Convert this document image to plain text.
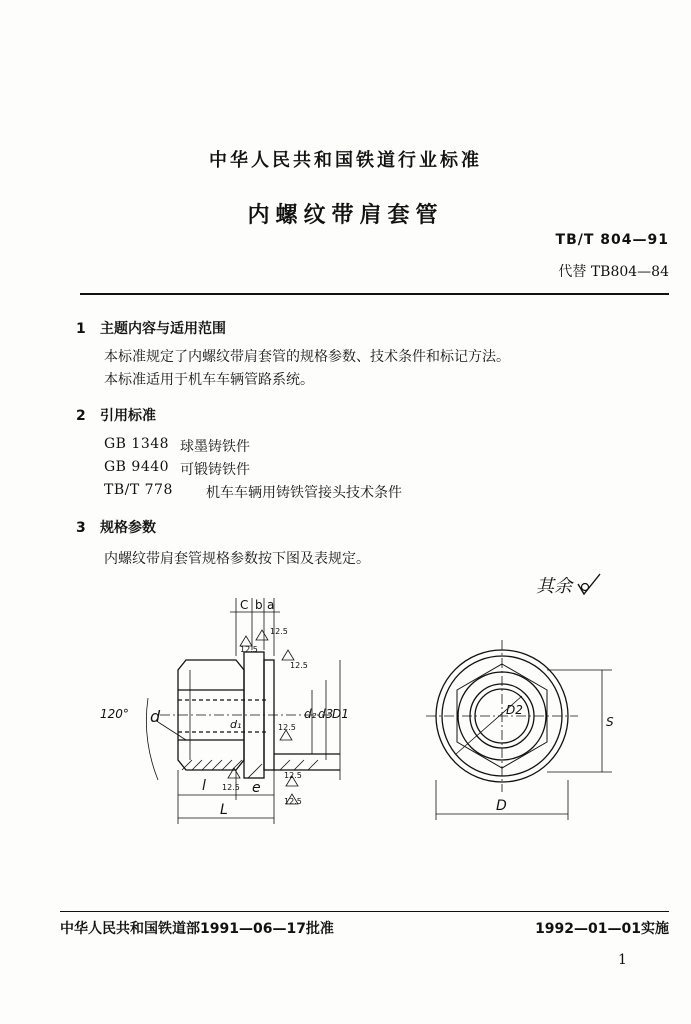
中华人民共和国铁道行业标准
内螺纹带肩套管
TB/T 804—91
代替 TB804—84
1 主题内容与适用范围
本标准规定了内螺纹带肩套管的规格参数、技术条件和标记方法。
本标准适用于机车车辆管路系统。
2 引用标准
GB 1348 球墨铸铁件
GB 9440 可锻铸铁件
TB/T 778	机车车辆用铸铁管接头技术条件
3 规格参数
内螺纹带肩套管规格参数按下图及表规定。
其余
C b a
120° d	d₁
d₂ d3
D1
l
L
e
12.5
12.5
12.5
12.5
12.5
12.5
12.5
D2
S
D
中华人民共和国铁道部1991—06—17批准	1992—01—01实施
1
